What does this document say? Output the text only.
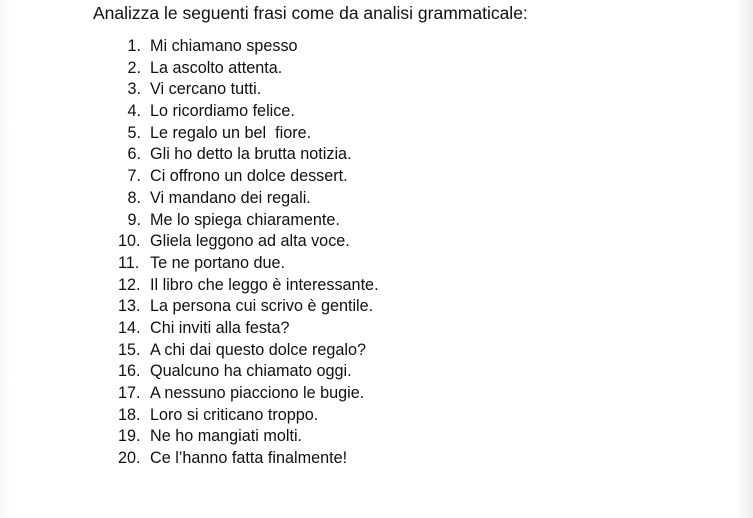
Analizza le seguenti frasi come da analisi grammaticale:
1. Mi chiamano spesso
2. La ascolto attenta.
3. Vi cercano tutti.
4. Lo ricordiamo felice.
5. Le regalo un bel  fiore.
6. Gli ho detto la brutta notizia.
7. Ci offrono un dolce dessert.
8. Vi mandano dei regali.
9. Me lo spiega chiaramente.
10. Gliela leggono ad alta voce.
11. Te ne portano due.
12. Il libro che leggo è interessante.
13. La persona cui scrivo è gentile.
14. Chi inviti alla festa?
15. A chi dai questo dolce regalo?
16. Qualcuno ha chiamato oggi.
17. A nessuno piacciono le bugie.
18. Loro si criticano troppo.
19. Ne ho mangiati molti.
20. Ce l’hanno fatta finalmente!
